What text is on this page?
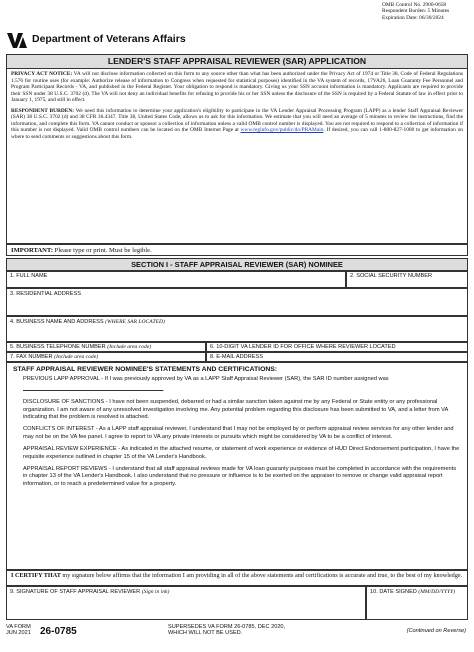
OMB Control No. 2900-0658
Respondent Burden: 5 Minutes
Expiration Date: 06/30/2024
Department of Veterans Affairs
LENDER'S STAFF APPRAISAL REVIEWER (SAR) APPLICATION

PRIVACY ACT NOTICE: VA will not disclose information collected on this form to any source other than what has been authorized under the Privacy Act of 1974 or Title 38, Code of Federal Regulations 1.576 for routine uses (for example: Authorize release of information to Congress when requested for statistical purposes) identified in the VA system of records, 17VA26, Loan Guaranty Fee Personnel and Program Participant Records - VA, and published in the Federal Register. Your obligation to respond is mandatory. Giving us your SSN account information is mandatory. Applicants are required to provide their SSN under 38 U.S.C. 3702 (d). The VA will not deny an individual benefits for refusing to provide his or her SSN unless the disclosure of the SSN is required by a Federal Statute of law in effect prior to January 1, 1975, and still in effect.

RESPONDENT BURDEN: We need this information to determine your application's eligibility to participate in the VA Lender Appraisal Processing Program (LAPP) as a lender Staff Appraisal Reviewer (SAR) 38 U.S.C. 3702 (d) and 38 CFR 36.4347. Title 38, United States Code, allows us to ask for this information. We estimate that you will need an average of 5 minutes to review the instructions, find the information, and complete this form. VA cannot conduct or sponsor a collection of information unless a valid OMB control number is displayed. You are not required to respond to a collection of information if this number is not displayed. Valid OMB control numbers can be located on the OMB Internet Page at www.reginfo.gov/public/do/PRAMain. If desired, you can call 1-800-827-1000 to get information on where to send comments or suggestions about this form.

IMPORTANT: Please type or print. Must be legible.
SECTION I - STAFF APPRAISAL REVIEWER (SAR) NOMINEE
1. FULL NAME	2. SOCIAL SECURITY NUMBER
3. RESIDENTIAL ADDRESS
4. BUSINESS NAME AND ADDRESS (WHERE SAR LOCATED)
5. BUSINESS TELEPHONE NUMBER (Include area code)	6. 10-DIGIT VA LENDER ID FOR OFFICE WHERE REVIEWER LOCATED
7. FAX NUMBER (Include area code)	8. E-MAIL ADDRESS
STAFF APPRAISAL REVIEWER NOMINEE'S STATEMENTS AND CERTIFICATIONS:
PREVIOUS LAPP APPROVAL - If I was previously approved by VA as a LAPP Staff Appraisal Reviewer (SAR), the SAR ID number assigned was .
DISCLOSURE OF SANCTIONS - I have not been suspended, debarred or had a similar sanction taken against me by any Federal or State entity or any professional organization. I am not aware of any unresolved investigation involving me. Any potential problem regarding this disclosure has been submitted to VA, and a letter from VA indicating that the problem is resolved is attached.
CONFLICTS OF INTEREST - As a LAPP staff appraisal reviewer, I understand that I may not be employed by or perform appraisal review services for any other lender and may not be on the VA fee panel. I agree to report to VA any private interests or pursuits which might be considered by VA to be a conflict of interest.
APPRAISAL REVIEW EXPERIENCE - As indicated in the attached resume, or statement of work experience or evidence of HUD Direct Endorsement participation, I have the requisite experience outlined in chapter 15 of the VA Lender's Handbook.
APPRAISAL REPORT REVIEWS - I understand that all staff appraisal reviews made for VA loan guaranty purposes must be completed in accordance with the requirements in chapter 13 of the VA Lender's Handbook. I also understand that no pressure or influence is to be exerted on the appraiser to remove or change valid appraisal report information, or to reach a predetermined value for a property.
I CERTIFY THAT my signature below affirms that the information I am providing in all of the above statements and certifications is accurate and true, to the best of my knowledge.
9. SIGNATURE OF STAFF APPRAISAL REVIEWER (Sign in ink)	10. DATE SIGNED (MM/DD/YYYY)
VA FORM
JUN 2021 26-0785	SUPERSEDES VA FORM 26-0785, DEC 2020,
WHICH WILL NOT BE USED.	(Continued on Reverse)
